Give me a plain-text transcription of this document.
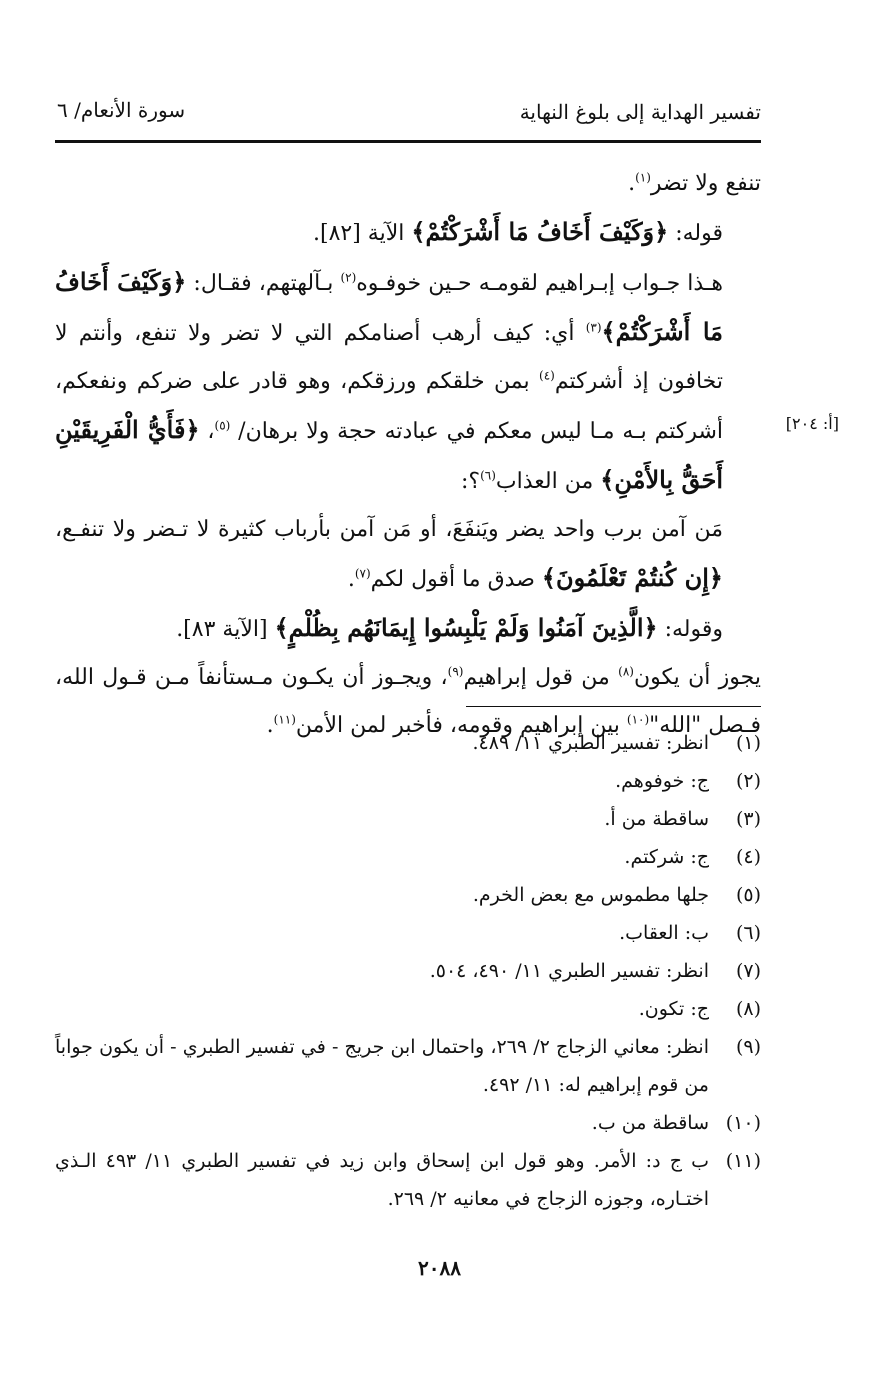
تفسير الهداية إلى بلوغ النهاية
سورة الأنعام/ ٦
[أ: ٢٠٤]

تنفع ولا تضر$^{(١)}$.

قوله: ﴿وَكَيْفَ أَخَافُ مَا أَشْرَكْتُمْ﴾ الآية [٨٢].

هـذا جـواب إبـراهيم لقومـه حـين خوفـوه$^{(٢)}$ بـآلهتهم، فقـال: ﴿وَكَيْفَ أَخَافُ مَا أَشْرَكْتُمْ﴾$^{(٣)}$ أي: كيف أرهب أصنامكم التي لا تضر ولا تنفع، وأنتم لا تخافون إذ أشركتم$^{(٤)}$ بمن خلقكم ورزقكم، وهو قادر على ضركم ونفعكم، أشركتم بـه مـا ليس معكم في عبادته حجة ولا برهان/ $^{(٥)}$، ﴿فَأَيُّ الْفَرِيقَيْنِ أَحَقُّ بِالأَمْنِ﴾ من العذاب$^{(٦)}$؟:

مَن آمن برب واحد يضر ويَنفَعَ، أو مَن آمن بأرباب كثيرة لا تـضر ولا تنفـع، ﴿إِن كُنتُمْ تَعْلَمُونَ﴾ صدق ما أقول لكم$^{(٧)}$.

وقوله: ﴿الَّذِينَ آمَنُوا وَلَمْ يَلْبِسُوا إِيمَانَهُم بِظُلْمٍ﴾ [الآية ٨٣].

يجوز أن يكون$^{(٨)}$ من قول إبراهيم$^{(٩)}$، ويجـوز أن يكـون مـستأنفاً مـن قـول الله، فـصل "الله"$^{(١٠)}$ بين إبراهيم وقومه، فأخبر لمن الأمن$^{(١١)}$.

(١)
انظر: تفسير الطبري ١١/ ٤٨٩.
(٢)
ج: خوفوهم.
(٣)
ساقطة من أ.
(٤)
ج: شركتم.
(٥)
جلها مطموس مع بعض الخرم.
(٦)
ب: العقاب.
(٧)
انظر: تفسير الطبري ١١/ ٤٩٠، ٥٠٤.
(٨)
ج: تكون.
(٩)
انظر: معاني الزجاج ٢/ ٢٦٩، واحتمال ابن جريج - في تفسير الطبري - أن يكون جواباً من قوم إبراهيم له: ١١/ ٤٩٢.
(١٠)
ساقطة من ب.
(١١)
ب ج د: الأمر. وهو قول ابن إسحاق وابن زيد في تفسير الطبري ١١/ ٤٩٣ الـذي اختـاره، وجوزه الزجاج في معانيه ٢/ ٢٦٩.
٢٠٨٨
